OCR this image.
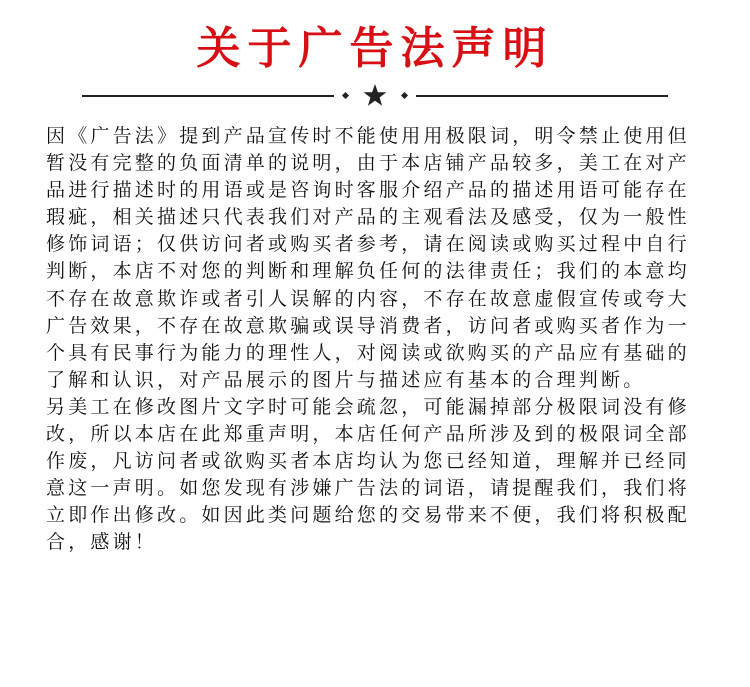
关于广告法声明

因《广告法》提到产品宣传时不能使用用极限词，明令禁止使用但暂没有完整的负面清单的说明，由于本店铺产品较多，美工在对产品进行描述时的用语或是咨询时客服介绍产品的描述用语可能存在瑕疵，相关描述只代表我们对产品的主观看法及感受，仅为一般性修饰词语；仅供访问者或购买者参考，请在阅读或购买过程中自行判断，本店不对您的判断和理解负任何的法律责任；我们的本意均不存在故意欺诈或者引人误解的内容，不存在故意虚假宣传或夸大广告效果，不存在故意欺骗或误导消费者，访问者或购买者作为一个具有民事行为能力的理性人，对阅读或欲购买的产品应有基础的了解和认识，对产品展示的图片与描述应有基本的合理判断。

另美工在修改图片文字时可能会疏忽，可能漏掉部分极限词没有修改，所以本店在此郑重声明，本店任何产品所涉及到的极限词全部作废，凡访问者或欲购买者本店均认为您已经知道，理解并已经同意这一声明。如您发现有涉嫌广告法的词语，请提醒我们，我们将立即作出修改。如因此类问题给您的交易带来不便，我们将积极配合，感谢！
